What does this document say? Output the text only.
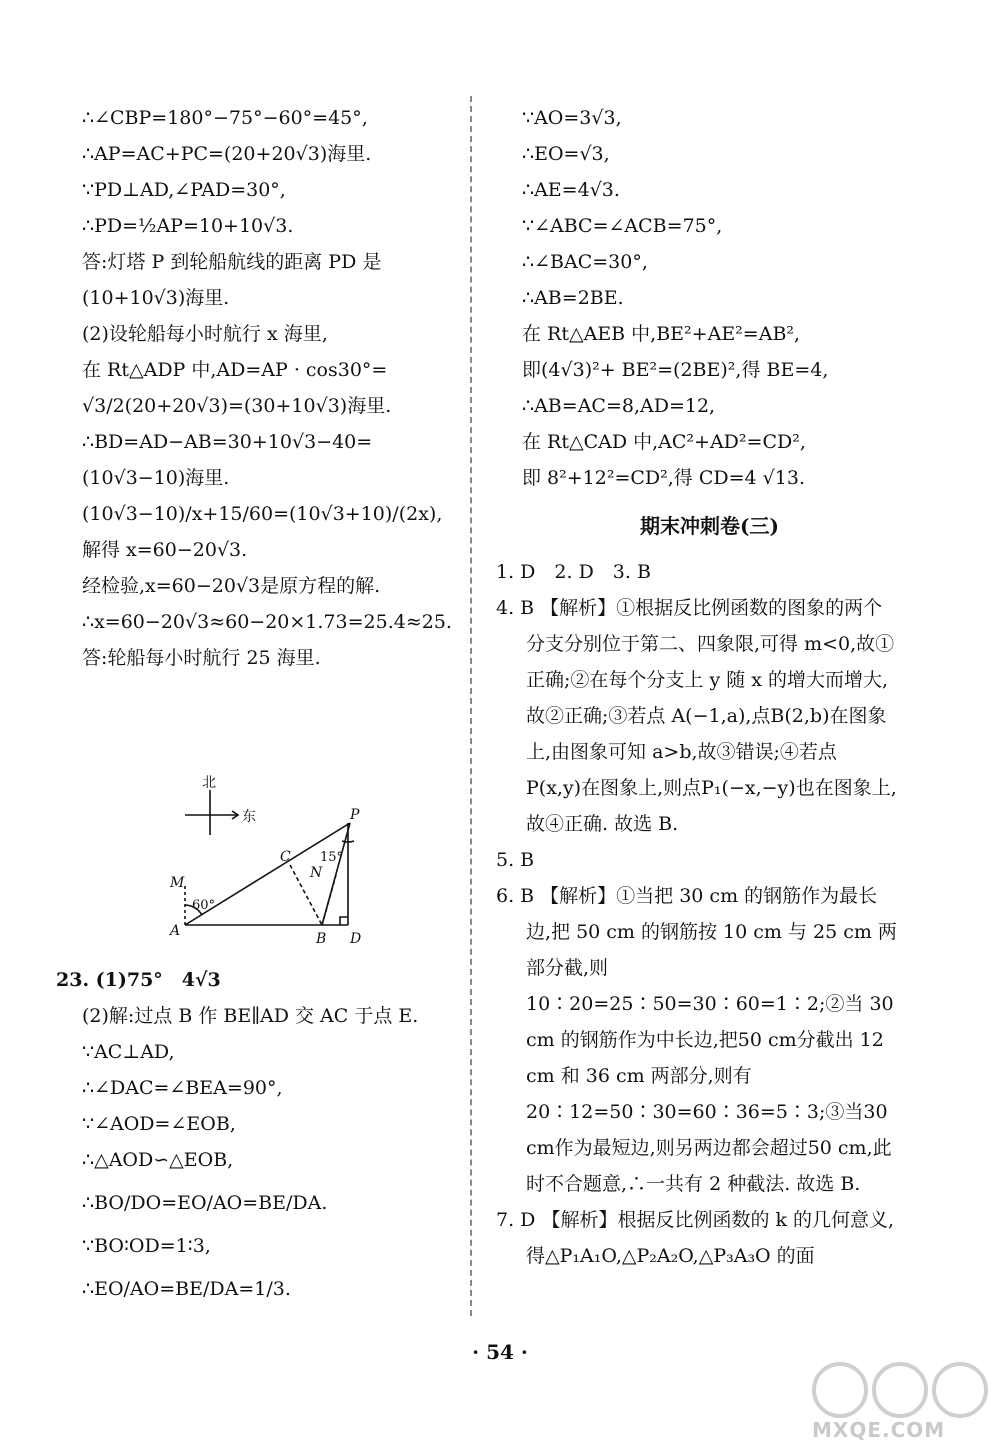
∴∠CBP=180°−75°−60°=45°,
∴AP=AC+PC=(20+20√3)海里.
∵PD⊥AD,∠PAD=30°,
∴PD=½AP=10+10√3.
答:灯塔 P 到轮船航线的距离 PD 是
(10+10√3)海里.
(2)设轮船每小时航行 x 海里,
在 Rt△ADP 中,AD=AP · cos30°=
√3/2(20+20√3)=(30+10√3)海里.
∴BD=AD−AB=30+10√3−40=
(10√3−10)海里.
(10√3−10)/x+15/60=(10√3+10)/(2x),
解得 x=60−20√3.
经检验,x=60−20√3是原方程的解.
∴x=60−20√3≈60−20×1.73=25.4≈25.
答:轮船每小时航行 25 海里.
北
东	P
C
N
M
A	B D
60°
15°
23. (1)75°　4√3
(2)解:过点 B 作 BE∥AD 交 AC 于点 E.
∵AC⊥AD,
∴∠DAC=∠BEA=90°,
∵∠AOD=∠EOB,
∴△AOD∽△EOB,
∴BO/DO=EO/AO=BE/DA.
∵BO∶OD=1∶3,
∴EO/AO=BE/DA=1/3.
∵AO=3√3,
∴EO=√3,
∴AE=4√3.
∵∠ABC=∠ACB=75°,
∴∠BAC=30°,
∴AB=2BE.
在 Rt△AEB 中,BE²+AE²=AB²,
即(4√3)²+ BE²=(2BE)²,得 BE=4,
∴AB=AC=8,AD=12,
在 Rt△CAD 中,AC²+AD²=CD²,
即 8²+12²=CD²,得 CD=4 √13.
期末冲刺卷(三)
1. D　2. D　3. B
4. B 【解析】①根据反比例函数的图象的两个分支分别位于第二、四象限,可得 m<0,故①正确;②在每个分支上 y 随 x 的增大而增大,故②正确;③若点 A(−1,a),点B(2,b)在图象上,由图象可知 a>b,故③错误;④若点 P(x,y)在图象上,则点P₁(−x,−y)也在图象上,故④正确. 故选 B.
5. B
6. B 【解析】①当把 30 cm 的钢筋作为最长边,把 50 cm 的钢筋按 10 cm 与 25 cm 两部分截,则 10∶20=25∶50=30∶60=1∶2;②当 30 cm 的钢筋作为中长边,把50 cm分截出 12 cm 和 36 cm 两部分,则有20∶12=50∶30=60∶36=5∶3;③当30 cm作为最短边,则另两边都会超过50 cm,此时不合题意,∴一共有 2 种截法. 故选 B.
7. D 【解析】根据反比例函数的 k 的几何意义,得△P₁A₁O,△P₂A₂O,△P₃A₃O 的面
· 54 ·
MXQE.COM
